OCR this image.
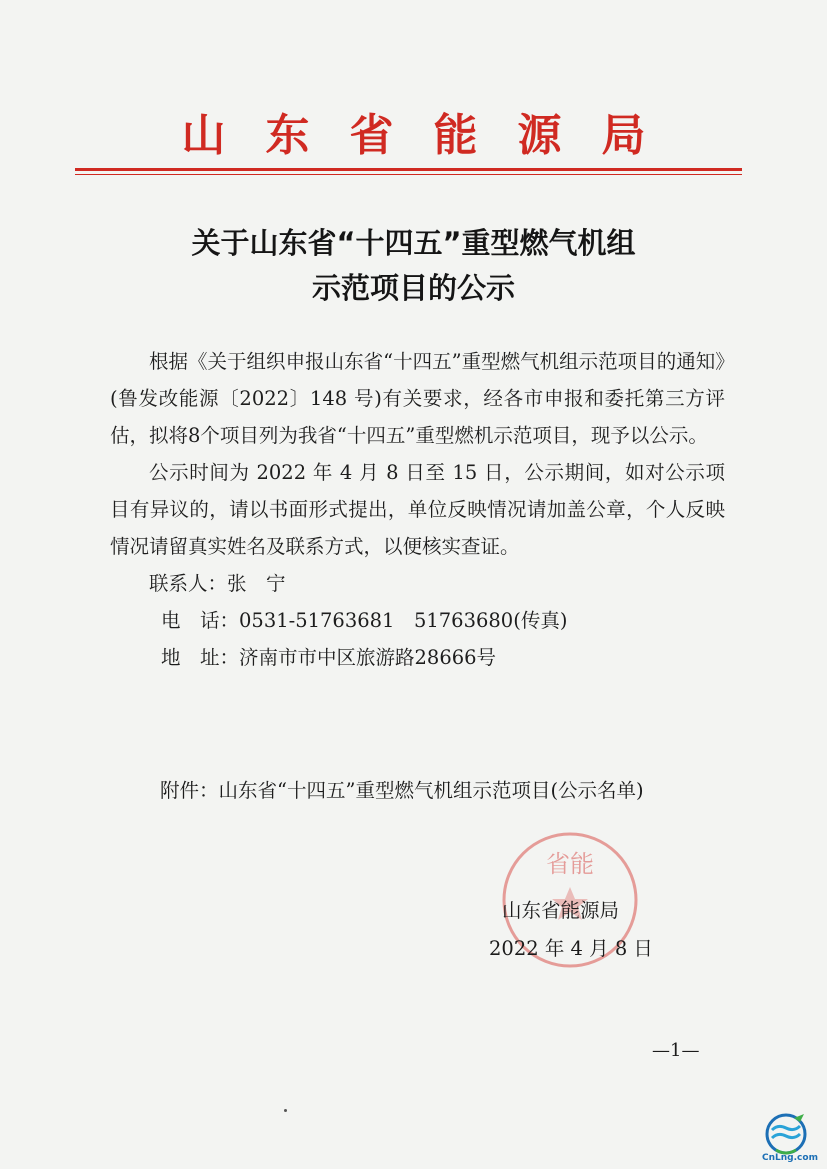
山东省能源局
关于山东省“十四五”重型燃气机组
示范项目的公示

根据《关于组织申报山东省“十四五”重型燃气机组示范项目的通知》(鲁发改能源〔2022〕148 号)有关要求，经各市申报和委托第三方评估，拟将8个项目列为我省“十四五”重型燃机示范项目，现予以公示。

公示时间为 2022 年 4 月 8 日至 15 日，公示期间，如对公示项目有异议的，请以书面形式提出，单位反映情况请加盖公章，个人反映情况请留真实姓名及联系方式，以便核实查证。

联系人：张　宁

电　话：0531-51763681　51763680(传真)

地　址：济南市市中区旅游路28666号

附件：山东省“十四五”重型燃气机组示范项目(公示名单)
省能
山东省能源局
2022 年 4 月 8 日
—1—
CnLng.com
